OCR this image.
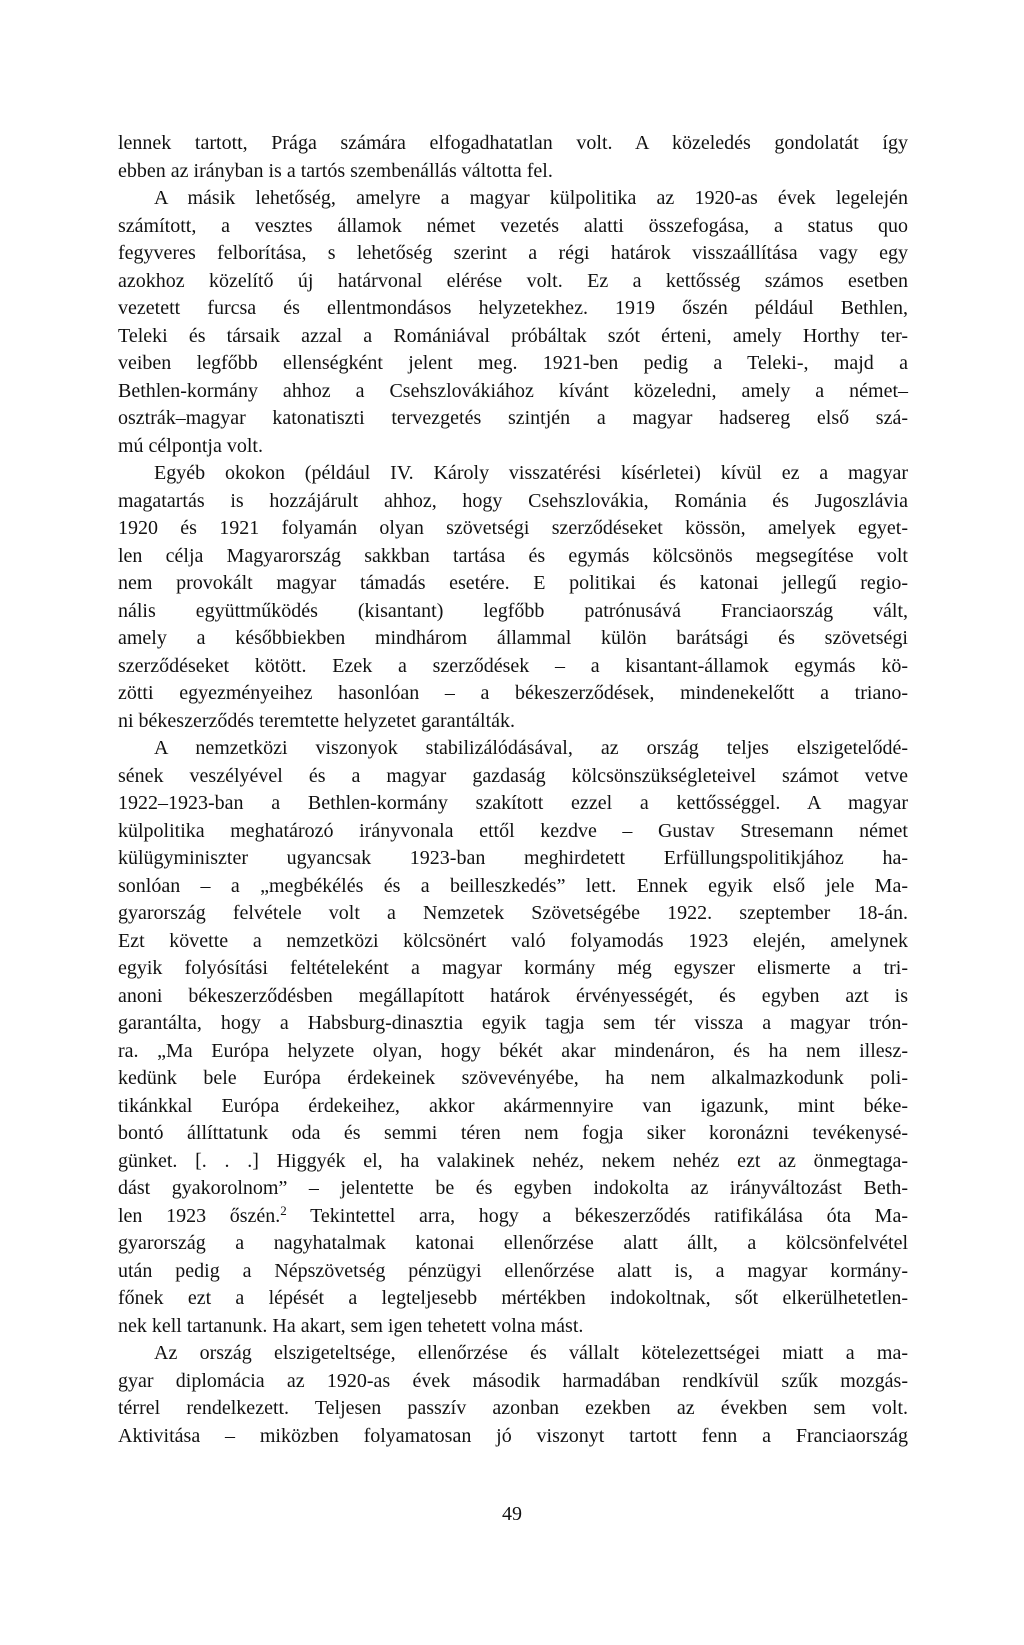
lennek tartott, Prága számára elfogadhatatlan volt. A közeledés gondolatát így
ebben az irányban is a tartós szembenállás váltotta fel.
A másik lehetőség, amelyre a magyar külpolitika az 1920-as évek legelején
számított, a vesztes államok német vezetés alatti összefogása, a status quo
fegyveres felborítása, s lehetőség szerint a régi határok visszaállítása vagy egy
azokhoz közelítő új határvonal elérése volt. Ez a kettősség számos esetben
vezetett furcsa és ellentmondásos helyzetekhez. 1919 őszén például Bethlen,
Teleki és társaik azzal a Romániával próbáltak szót érteni, amely Horthy ter-
veiben legfőbb ellenségként jelent meg. 1921-ben pedig a Teleki-, majd a
Bethlen-kormány ahhoz a Csehszlovákiához kívánt közeledni, amely a német–
osztrák–magyar katonatiszti tervezgetés szintjén a magyar hadsereg első szá-
mú célpontja volt.
Egyéb okokon (például IV. Károly visszatérési kísérletei) kívül ez a magyar
magatartás is hozzájárult ahhoz, hogy Csehszlovákia, Románia és Jugoszlávia
1920 és 1921 folyamán olyan szövetségi szerződéseket kössön, amelyek egyet-
len célja Magyarország sakkban tartása és egymás kölcsönös megsegítése volt
nem provokált magyar támadás esetére. E politikai és katonai jellegű regio-
nális együttműködés (kisantant) legfőbb patrónusává Franciaország vált,
amely a későbbiekben mindhárom állammal külön barátsági és szövetségi
szerződéseket kötött. Ezek a szerződések – a kisantant-államok egymás kö-
zötti egyezményeihez hasonlóan – a békeszerződések, mindenekelőtt a triano-
ni békeszerződés teremtette helyzetet garantálták.
A nemzetközi viszonyok stabilizálódásával, az ország teljes elszigetelődé-
sének veszélyével és a magyar gazdaság kölcsönszükségleteivel számot vetve
1922–1923-ban a Bethlen-kormány szakított ezzel a kettősséggel. A magyar
külpolitika meghatározó irányvonala ettől kezdve – Gustav Stresemann német
külügyminiszter ugyancsak 1923-ban meghirdetett Erfüllungspolitikjához ha-
sonlóan – a „megbékélés és a beilleszkedés” lett. Ennek egyik első jele Ma-
gyarország felvétele volt a Nemzetek Szövetségébe 1922. szeptember 18-án.
Ezt követte a nemzetközi kölcsönért való folyamodás 1923 elején, amelynek
egyik folyósítási feltételeként a magyar kormány még egyszer elismerte a tri-
anoni békeszerződésben megállapított határok érvényességét, és egyben azt is
garantálta, hogy a Habsburg-dinasztia egyik tagja sem tér vissza a magyar trón-
ra. „Ma Európa helyzete olyan, hogy békét akar mindenáron, és ha nem illesz-
kedünk bele Európa érdekeinek szövevényébe, ha nem alkalmazkodunk poli-
tikánkkal Európa érdekeihez, akkor akármennyire van igazunk, mint béke-
bontó állíttatunk oda és semmi téren nem fogja siker koronázni tevékenysé-
günket. [. . .] Higgyék el, ha valakinek nehéz, nekem nehéz ezt az önmegtaga-
dást gyakorolnom” – jelentette be és egyben indokolta az irányváltozást Beth-
len 1923 őszén.$^2$ Tekintettel arra, hogy a békeszerződés ratifikálása óta Ma-
gyarország a nagyhatalmak katonai ellenőrzése alatt állt, a kölcsönfelvétel
után pedig a Népszövetség pénzügyi ellenőrzése alatt is, a magyar kormány-
főnek ezt a lépését a legteljesebb mértékben indokoltnak, sőt elkerülhetetlen-
nek kell tartanunk. Ha akart, sem igen tehetett volna mást.
Az ország elszigeteltsége, ellenőrzése és vállalt kötelezettségei miatt a ma-
gyar diplomácia az 1920-as évek második harmadában rendkívül szűk mozgás-
térrel rendelkezett. Teljesen passzív azonban ezekben az években sem volt.
Aktivitása – miközben folyamatosan jó viszonyt tartott fenn a Franciaország
49
